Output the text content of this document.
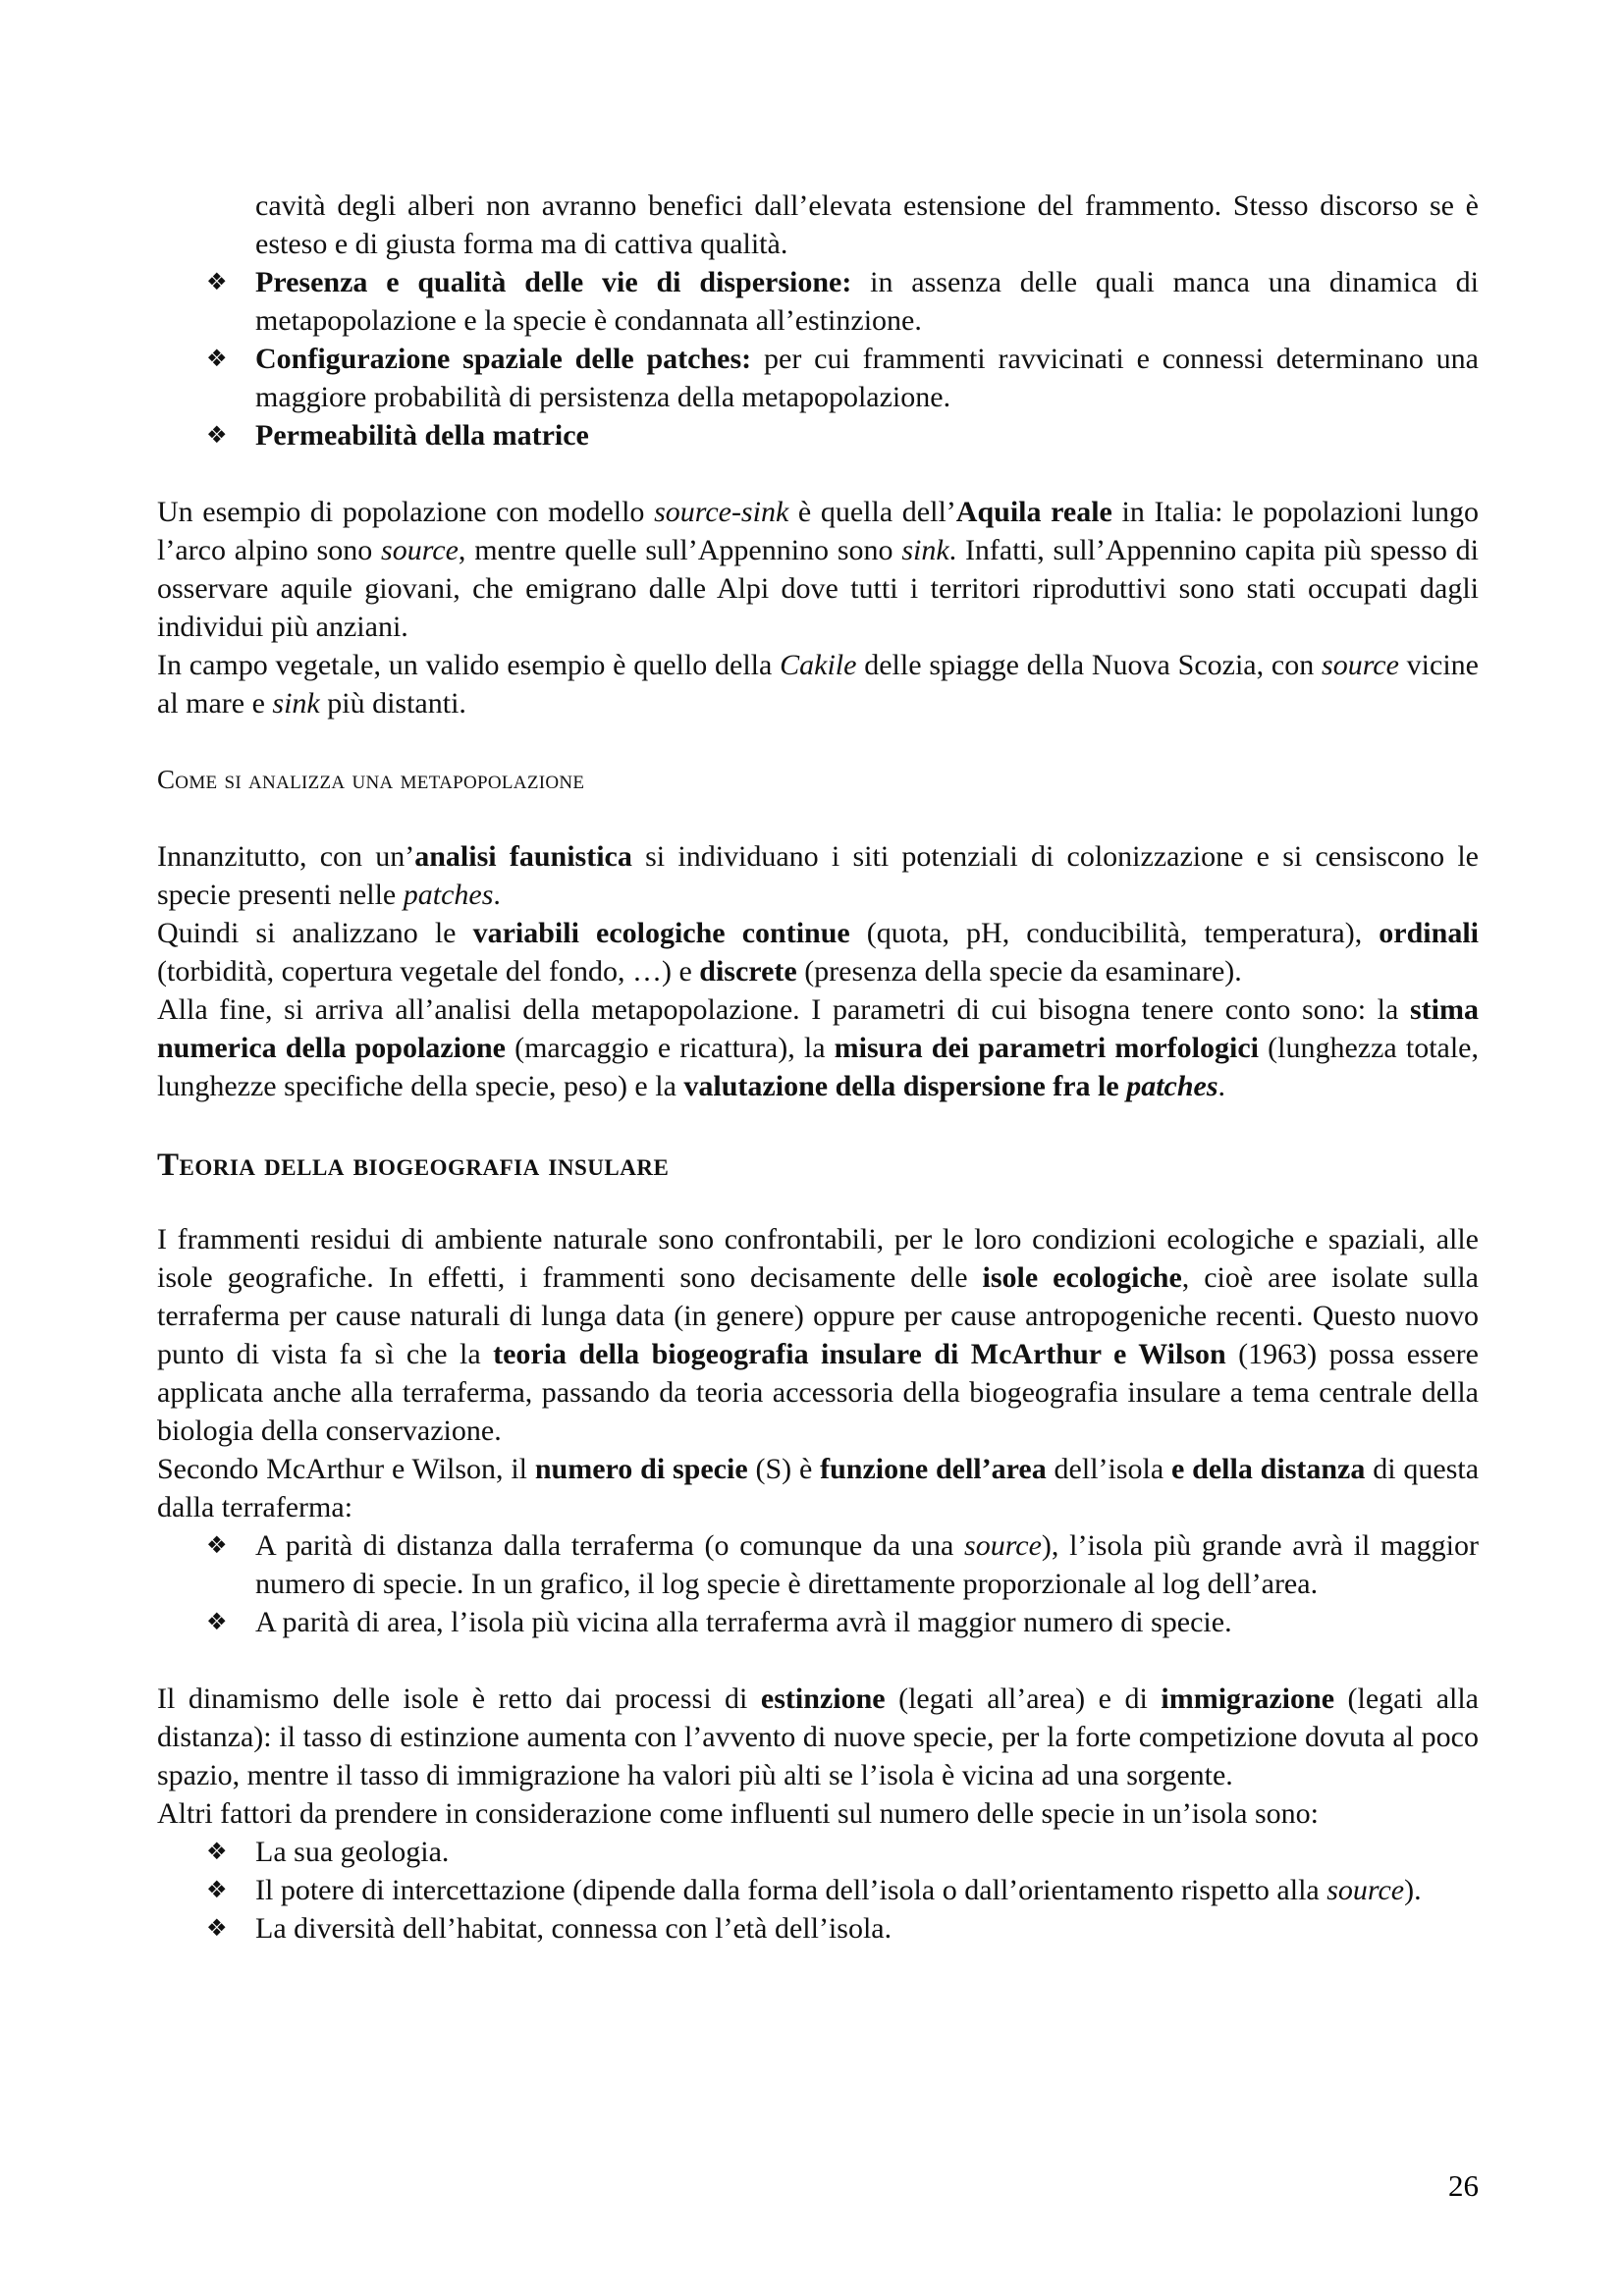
cavità degli alberi non avranno benefici dall’elevata estensione del frammento. Stesso discorso se è esteso e di giusta forma ma di cattiva qualità.

❖ Presenza e qualità delle vie di dispersione: in assenza delle quali manca una dinamica di metapopolazione e la specie è condannata all’estinzione.
❖ Configurazione spaziale delle patches: per cui frammenti ravvicinati e connessi determinano una maggiore probabilità di persistenza della metapopolazione.
❖ Permeabilità della matrice

Un esempio di popolazione con modello source-sink è quella dell’Aquila reale in Italia: le popolazioni lungo l’arco alpino sono source, mentre quelle sull’Appennino sono sink. Infatti, sull’Appennino capita più spesso di osservare aquile giovani, che emigrano dalle Alpi dove tutti i territori riproduttivi sono stati occupati dagli individui più anziani.

In campo vegetale, un valido esempio è quello della Cakile delle spiagge della Nuova Scozia, con source vicine al mare e sink più distanti.

Come si analizza una metapopolazione

Innanzitutto, con un’analisi faunistica si individuano i siti potenziali di colonizzazione e si censiscono le specie presenti nelle patches.

Quindi si analizzano le variabili ecologiche continue (quota, pH, conducibilità, temperatura), ordinali (torbidità, copertura vegetale del fondo, …) e discrete (presenza della specie da esaminare).

Alla fine, si arriva all’analisi della metapopolazione. I parametri di cui bisogna tenere conto sono: la stima numerica della popolazione (marcaggio e ricattura), la misura dei parametri morfologici (lunghezza totale, lunghezze specifiche della specie, peso) e la valutazione della dispersione fra le patches.

Teoria della biogeografia insulare

I frammenti residui di ambiente naturale sono confrontabili, per le loro condizioni ecologiche e spaziali, alle isole geografiche. In effetti, i frammenti sono decisamente delle isole ecologiche, cioè aree isolate sulla terraferma per cause naturali di lunga data (in genere) oppure per cause antropogeniche recenti. Questo nuovo punto di vista fa sì che la teoria della biogeografia insulare di McArthur e Wilson (1963) possa essere applicata anche alla terraferma, passando da teoria accessoria della biogeografia insulare a tema centrale della biologia della conservazione.

Secondo McArthur e Wilson, il numero di specie (S) è funzione dell’area dell’isola e della distanza di questa dalla terraferma:

❖ A parità di distanza dalla terraferma (o comunque da una source), l’isola più grande avrà il maggior numero di specie. In un grafico, il log specie è direttamente proporzionale al log dell’area.
❖ A parità di area, l’isola più vicina alla terraferma avrà il maggior numero di specie.

Il dinamismo delle isole è retto dai processi di estinzione (legati all’area) e di immigrazione (legati alla distanza): il tasso di estinzione aumenta con l’avvento di nuove specie, per la forte competizione dovuta al poco spazio, mentre il tasso di immigrazione ha valori più alti se l’isola è vicina ad una sorgente.

Altri fattori da prendere in considerazione come influenti sul numero delle specie in un’isola sono:

❖ La sua geologia.
❖ Il potere di intercettazione (dipende dalla forma dell’isola o dall’orientamento rispetto alla source).
❖ La diversità dell’habitat, connessa con l’età dell’isola.
26
